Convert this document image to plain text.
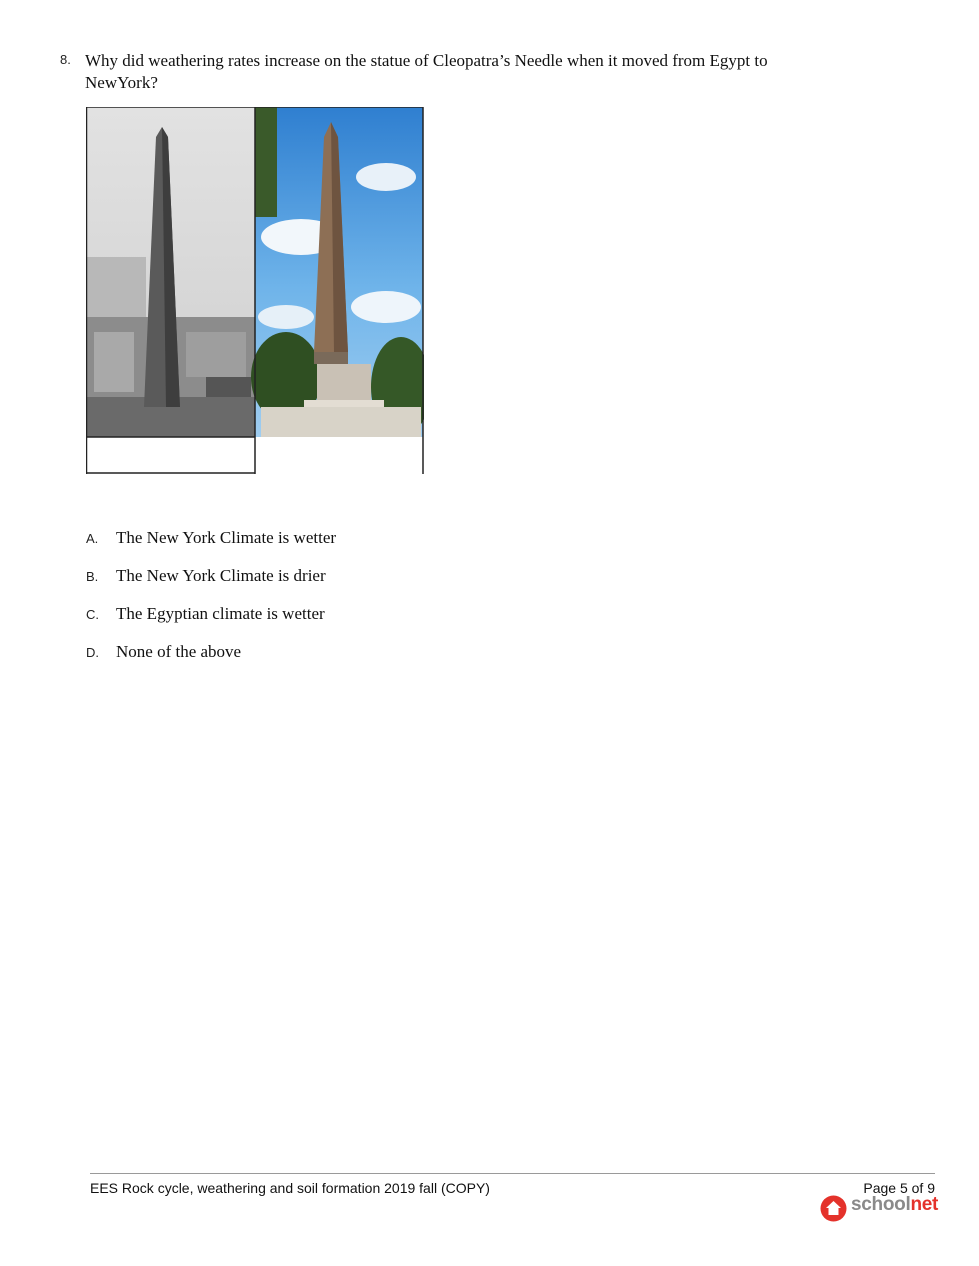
8. Why did weathering rates increase on the statue of Cleopatra’s Needle when it moved from Egypt to NewYork?
A. The New York Climate is wetter
B. The New York Climate is drier
C. The Egyptian climate is wetter
D. None of the above
EES Rock cycle, weathering and soil formation 2019 fall (COPY)	Page 5 of 9
schoolnet
